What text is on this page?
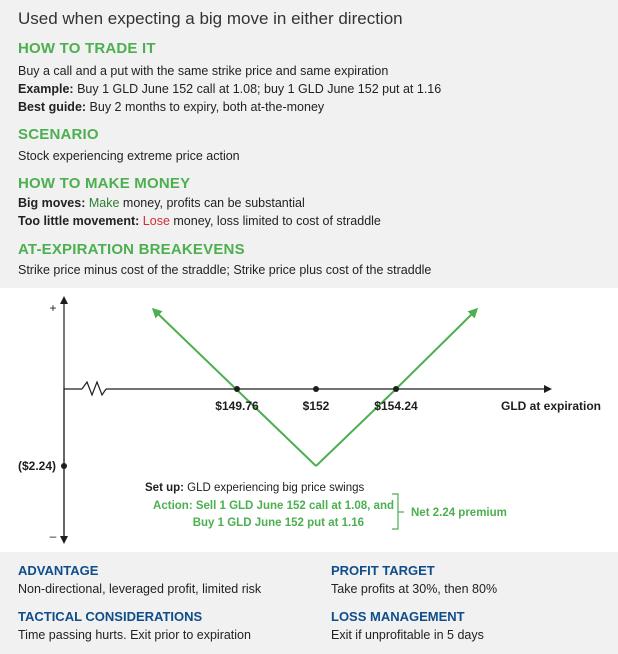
Used when expecting a big move in either direction
HOW TO TRADE IT
Buy a call and a put with the same strike price and same expiration
Example: Buy 1 GLD June 152 call at 1.08; buy 1 GLD June 152 put at 1.16
Best guide: Buy 2 months to expiry, both at-the-money
SCENARIO
Stock experiencing extreme price action
HOW TO MAKE MONEY
Big moves: Make money, profits can be substantial
Too little movement: Lose money, loss limited to cost of straddle
AT-EXPIRATION BREAKEVENS
Strike price minus cost of the straddle; Strike price plus cost of the straddle
+
–
GLD at expiration
($2.24)
$149.76	$152	$154.24
Set up: GLD experiencing big price swings
Action: Sell 1 GLD June 152 call at 1.08, and
Buy 1 GLD June 152 put at 1.16
Net 2.24 premium
ADVANTAGE
Non-directional, leveraged profit, limited risk
PROFIT TARGET
Take profits at 30%, then 80%
TACTICAL CONSIDERATIONS
Time passing hurts. Exit prior to expiration
LOSS MANAGEMENT
Exit if unprofitable in 5 days
